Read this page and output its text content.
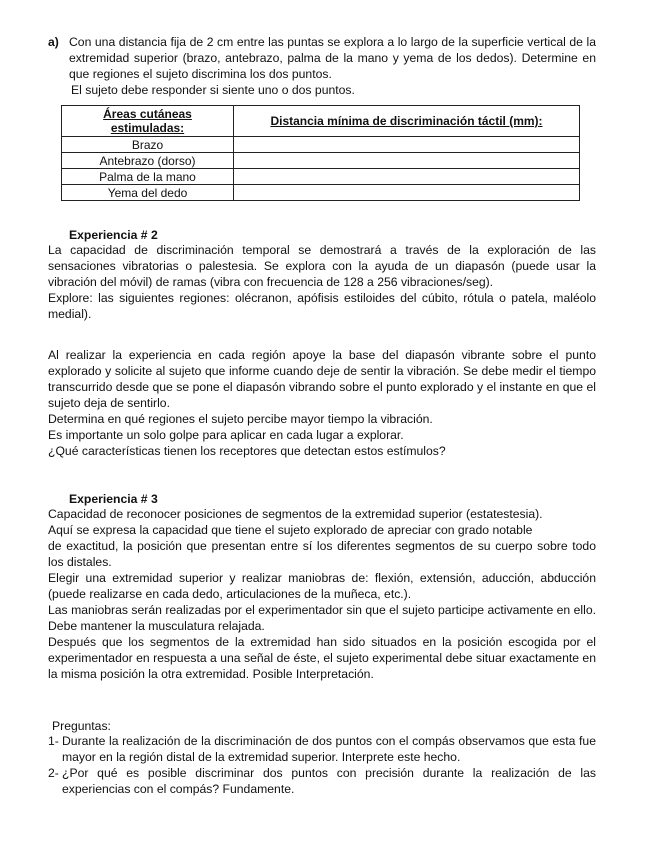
a) Con una distancia fija de 2 cm entre las puntas se explora a lo largo de la superficie vertical de la extremidad superior (brazo, antebrazo, palma de la mano y yema de los dedos). Determine en que regiones el sujeto discrimina los dos puntos.

El sujeto debe responder si siente uno o dos puntos.

Áreas cutáneas
estimuladas:	Distancia mínima de discriminación táctil (mm):
Brazo	
Antebrazo (dorso)	
Palma de la mano	
Yema del dedo	
Experiencia # 2

La capacidad de discriminación temporal se demostrará a través de la exploración de las sensaciones vibratorias o palestesia. Se explora con la ayuda de un diapasón (puede usar la vibración del móvil) de ramas (vibra con frecuencia de 128 a 256 vibraciones/seg).

Explore: las siguientes regiones: olécranon, apófisis estiloides del cúbito, rótula o patela, maléolo medial).

Al realizar la experiencia en cada región apoye la base del diapasón vibrante sobre el punto explorado y solicite al sujeto que informe cuando deje de sentir la vibración. Se debe medir el tiempo transcurrido desde que se pone el diapasón vibrando sobre el punto explorado y el instante en que el sujeto deja de sentirlo.

Determina en qué regiones el sujeto percibe mayor tiempo la vibración.

Es importante un solo golpe para aplicar en cada lugar a explorar.

¿Qué características tienen los receptores que detectan estos estímulos?

Experiencia # 3

Capacidad de reconocer posiciones de segmentos de la extremidad superior (estatestesia).

Aquí se expresa la capacidad que tiene el sujeto explorado de apreciar con grado notable

de exactitud, la posición que presentan entre sí los diferentes segmentos de su cuerpo sobre todo los distales.

Elegir una extremidad superior y realizar maniobras de: flexión, extensión, aducción, abducción (puede realizarse en cada dedo, articulaciones de la muñeca, etc.).

Las maniobras serán realizadas por el experimentador sin que el sujeto participe activamente en ello. Debe mantener la musculatura relajada.

Después que los segmentos de la extremidad han sido situados en la posición escogida por el experimentador en respuesta a una señal de éste, el sujeto experimental debe situar exactamente en la misma posición la otra extremidad. Posible Interpretación.

Preguntas:
1- Durante la realización de la discriminación de dos puntos con el compás observamos que esta fue mayor en la región distal de la extremidad superior. Interprete este hecho.

2- ¿Por qué es posible discriminar dos puntos con precisión durante la realización de las experiencias con el compás? Fundamente.
